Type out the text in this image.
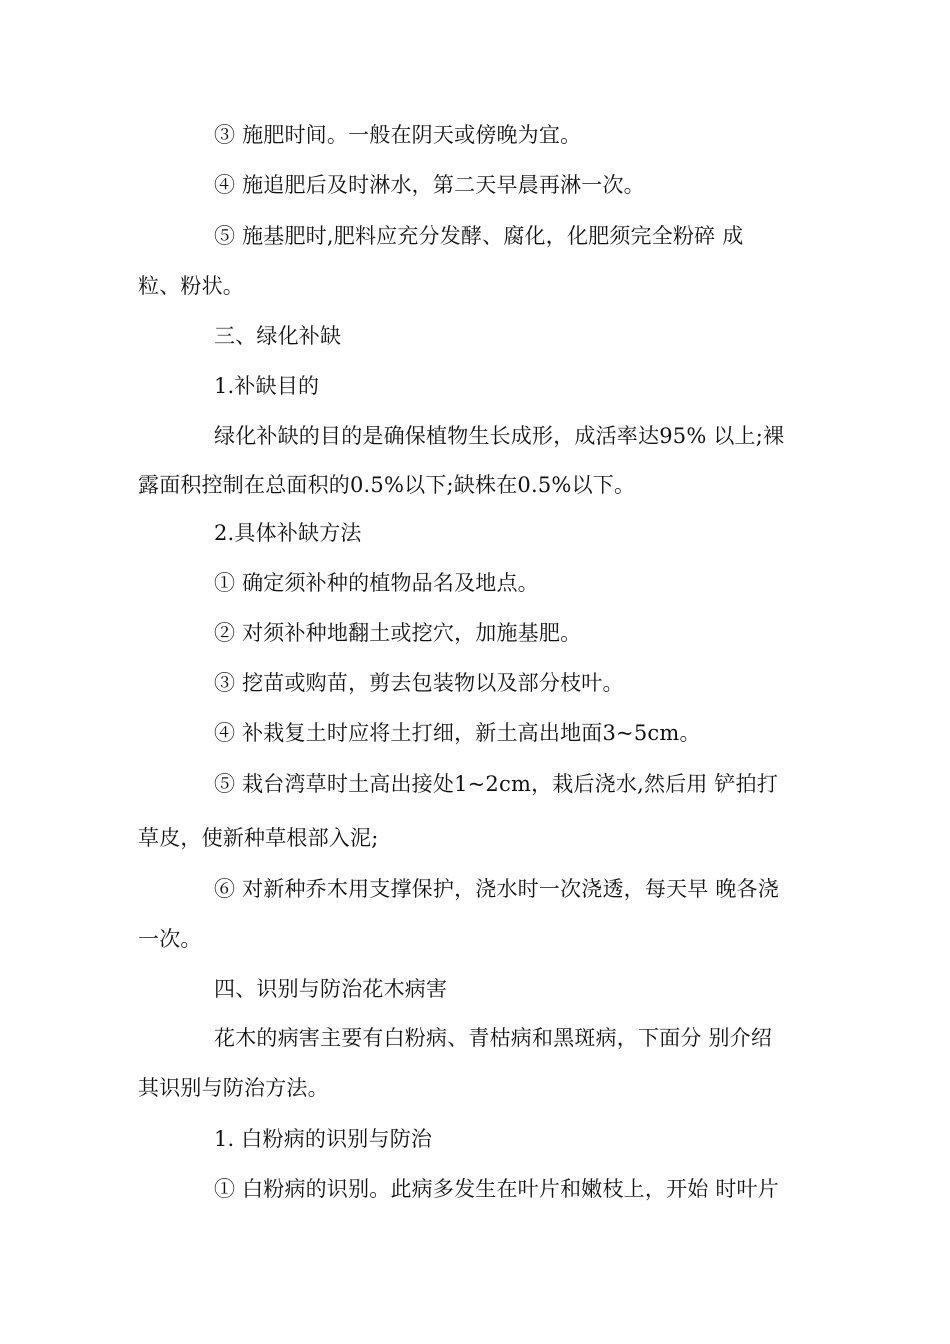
③ 施肥时间。一般在阴天或傍晚为宜。
④ 施追肥后及时淋水，第二天早晨再淋一次。
⑤ 施基肥时,肥料应充分发酵、腐化，化肥须完全粉碎 成
粒、粉状。
三、绿化补缺
1.补缺目的
绿化补缺的目的是确保植物生长成形，成活率达95% 以上;裸
露面积控制在总面积的0.5%以下;缺株在0.5%以下。
2.具体补缺方法
① 确定须补种的植物品名及地点。
② 对须补种地翻土或挖穴，加施基肥。
③ 挖苗或购苗，剪去包装物以及部分枝叶。
④ 补栽复土时应将土打细，新土高出地面3~5cm。
⑤ 栽台湾草时土高出接处1~2cm，栽后浇水,然后用 铲拍打
草皮，使新种草根部入泥;
⑥ 对新种乔木用支撑保护，浇水时一次浇透，每天早 晚各浇
一次。
四、识别与防治花木病害
花木的病害主要有白粉病、青枯病和黑斑病，下面分 别介绍
其识别与防治方法。
1. 白粉病的识别与防治
① 白粉病的识别。此病多发生在叶片和嫩枝上，开始 时叶片
